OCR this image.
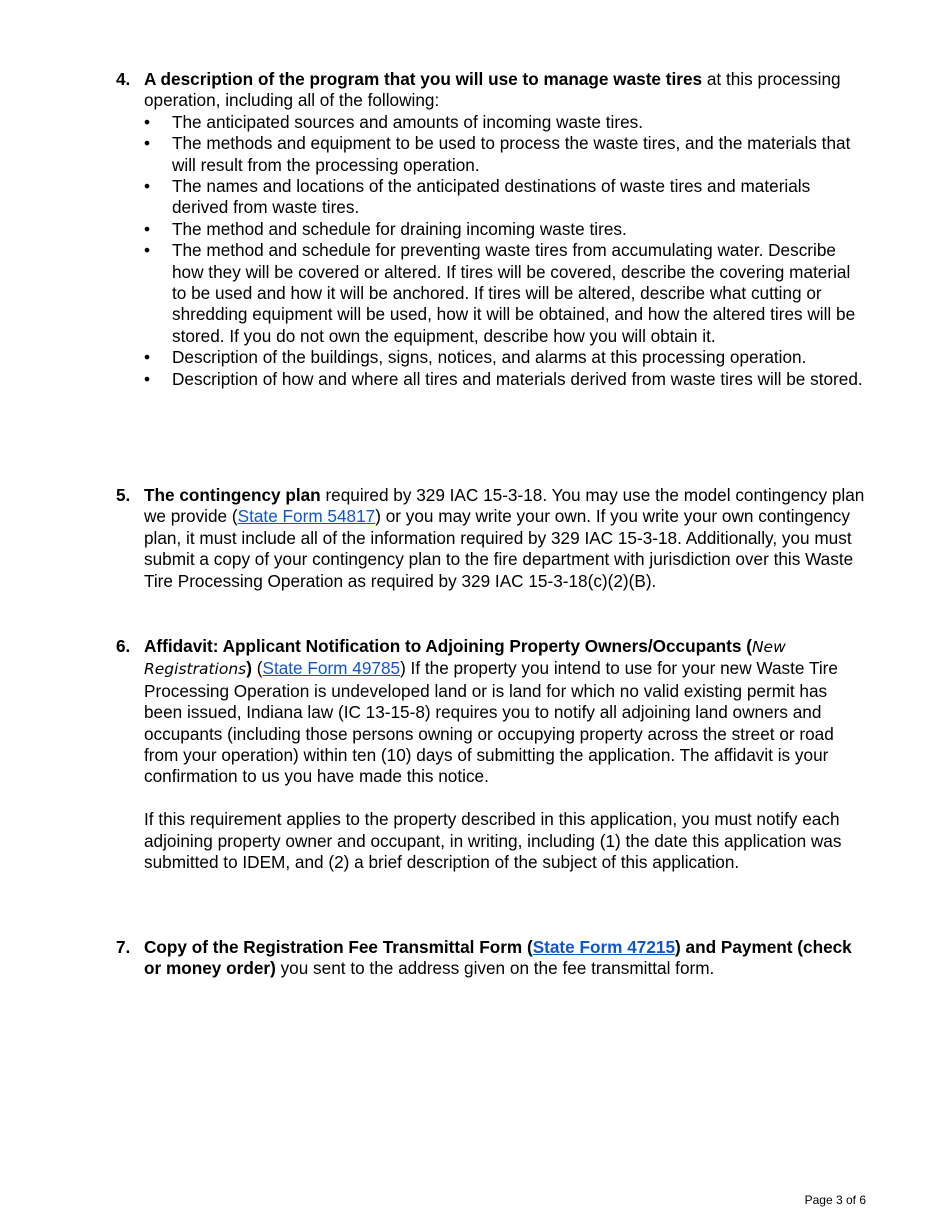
4. A description of the program that you will use to manage waste tires at this processing operation, including all of the following:
• The anticipated sources and amounts of incoming waste tires.
• The methods and equipment to be used to process the waste tires, and the materials that will result from the processing operation.
• The names and locations of the anticipated destinations of waste tires and materials derived from waste tires.
• The method and schedule for draining incoming waste tires.
• The method and schedule for preventing waste tires from accumulating water. Describe how they will be covered or altered. If tires will be covered, describe the covering material to be used and how it will be anchored. If tires will be altered, describe what cutting or shredding equipment will be used, how it will be obtained, and how the altered tires will be stored. If you do not own the equipment, describe how you will obtain it.
• Description of the buildings, signs, notices, and alarms at this processing operation.
• Description of how and where all tires and materials derived from waste tires will be stored.
5. The contingency plan required by 329 IAC 15-3-18. You may use the model contingency plan we provide (State Form 54817) or you may write your own. If you write your own contingency plan, it must include all of the information required by 329 IAC 15-3-18. Additionally, you must submit a copy of your contingency plan to the fire department with jurisdiction over this Waste Tire Processing Operation as required by 329 IAC 15-3-18(c)(2)(B).
6. Affidavit: Applicant Notification to Adjoining Property Owners/Occupants (New Registrations) (State Form 49785) If the property you intend to use for your new Waste Tire Processing Operation is undeveloped land or is land for which no valid existing permit has been issued, Indiana law (IC 13-15-8) requires you to notify all adjoining land owners and occupants (including those persons owning or occupying property across the street or road from your operation) within ten (10) days of submitting the application. The affidavit is your confirmation to us you have made this notice.
If this requirement applies to the property described in this application, you must notify each adjoining property owner and occupant, in writing, including (1) the date this application was submitted to IDEM, and (2) a brief description of the subject of this application.
7. Copy of the Registration Fee Transmittal Form (State Form 47215) and Payment (check or money order) you sent to the address given on the fee transmittal form.
Page 3 of 6
